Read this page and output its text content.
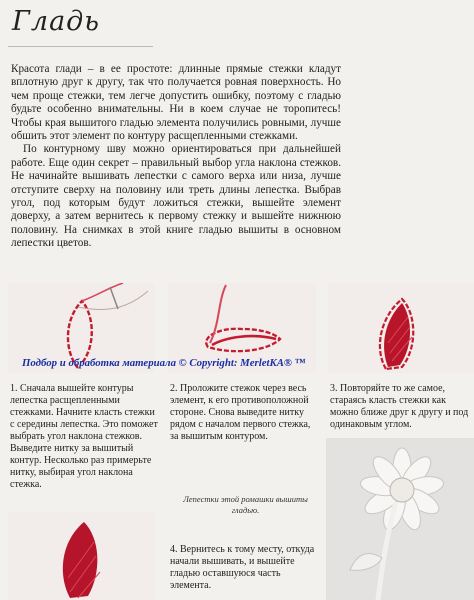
Гладь

Красота глади – в ее простоте: длинные прямые стежки кладут вплотную друг к другу, так что получается ровная поверхность. Но чем проще стежки, тем легче допустить ошибку, поэтому с гладью будьте особенно внимательны. Ни в коем случае не торопитесь! Чтобы края вышитого гладью элемента получились ровными, лучше обшить этот элемент по контуру расщепленными стежками.

По контурному шву можно ориентироваться при дальнейшей работе. Еще один секрет – правильный выбор угла наклона стежков. Не начинайте вышивать лепестки с самого верха или низа, лучше отступите сверху на половину или треть длины лепестка. Выбрав угол, под которым будут ложиться стежки, вышейте элемент доверху, а затем вернитесь к первому стежку и вышейте нижнюю половину. На снимках в этой книге гладью вышиты в основном лепестки цветов.

Подбор и обработка материала © Copyright: MerletKA® ™
1. Сначала вышейте контуры лепестка расщепленными стежками. Начните класть стежки с середины лепестка. Это поможет выбрать угол наклона стежков. Выведите нитку за вышитый контур. Несколько раз примерьте нитку, выбирая угол наклона стежка.
2. Проложите стежок через весь элемент, к его противоположной стороне. Снова выведите нитку рядом с началом первого стежка, за вышитым контуром.
3. Повторяйте то же самое, стараясь класть стежки как можно ближе друг к другу и под одинаковым углом.
Лепестки этой ромашки вышиты гладью.
4. Вернитесь к тому месту, откуда начали вышивать, и вышейте гладью оставшуюся часть элемента.
